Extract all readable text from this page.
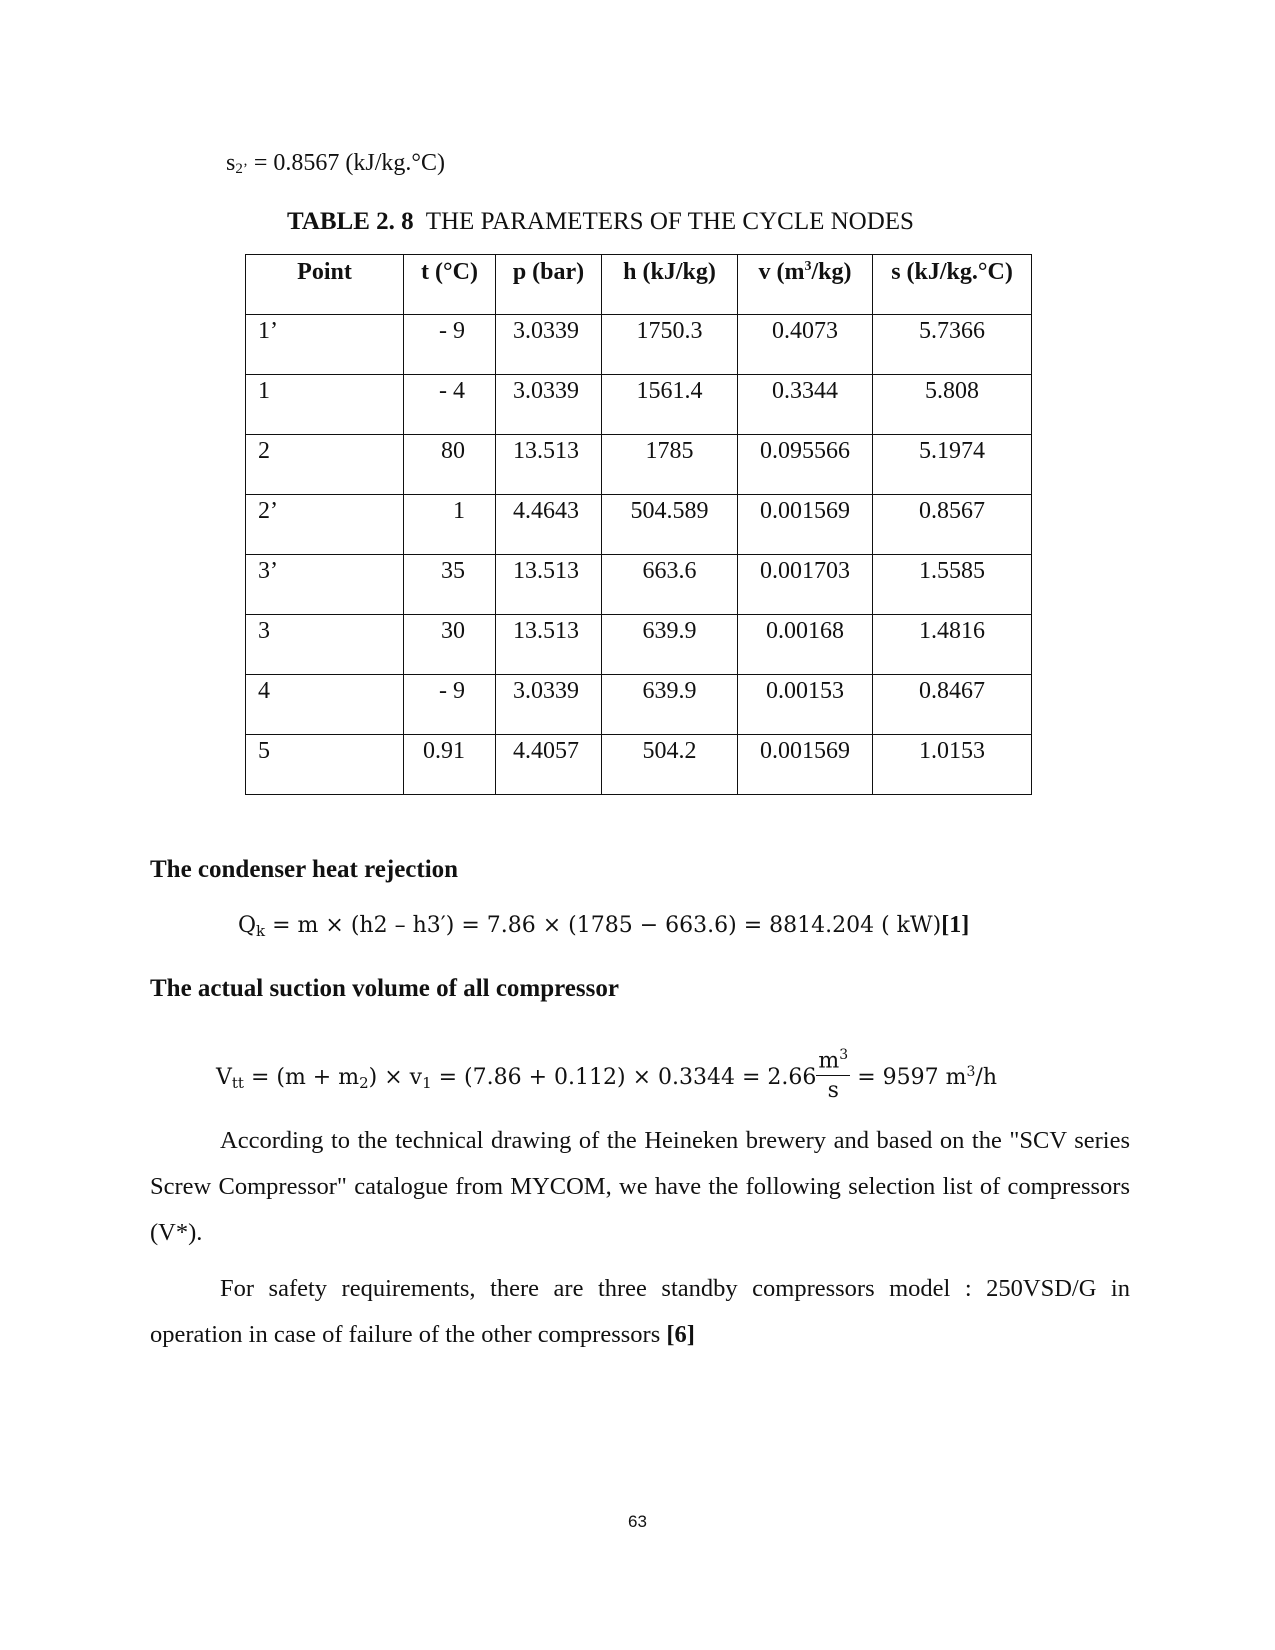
$s_{2’} = 0.8567$ (kJ/kg.°C)
TABLE 2. 8 THE PARAMETERS OF THE CYCLE NODES
Point	t (°C)	p (bar)	h (kJ/kg)	v $(m^3/kg)$	s (kJ/kg.°C)
1’	- 9	3.0339	1750.3	0.4073	5.7366
1	- 4	3.0339	1561.4	0.3344	5.808
2	80	13.513	1785	0.095566	5.1974
2’	1	4.4643	504.589	0.001569	0.8567
3’	35	13.513	663.6	0.001703	1.5585
3	30	13.513	639.9	0.00168	1.4816
4	- 9	3.0339	639.9	0.00153	0.8467
5	0.91	4.4057	504.2	0.001569	1.0153
The condenser heat rejection
$Q_k = m \times (h2 - h3') = 7.86 \times (1785 - 663.6) = 8814.204$ ( kW)[1]
The actual suction volume of all compressor
$V_{tt} = (m + m_2) \times v_1 = (7.86 + 0.112) \times 0.3344 = 2.66 \frac{m^3}{s} = 9597$ $m^3/h$

According to the technical drawing of the Heineken brewery and based on the "SCV series Screw Compressor" catalogue from MYCOM, we have the following selection list of compressors (V*).

For safety requirements, there are three standby compressors model : 250VSD/G in operation in case of failure of the other compressors [6]

63
